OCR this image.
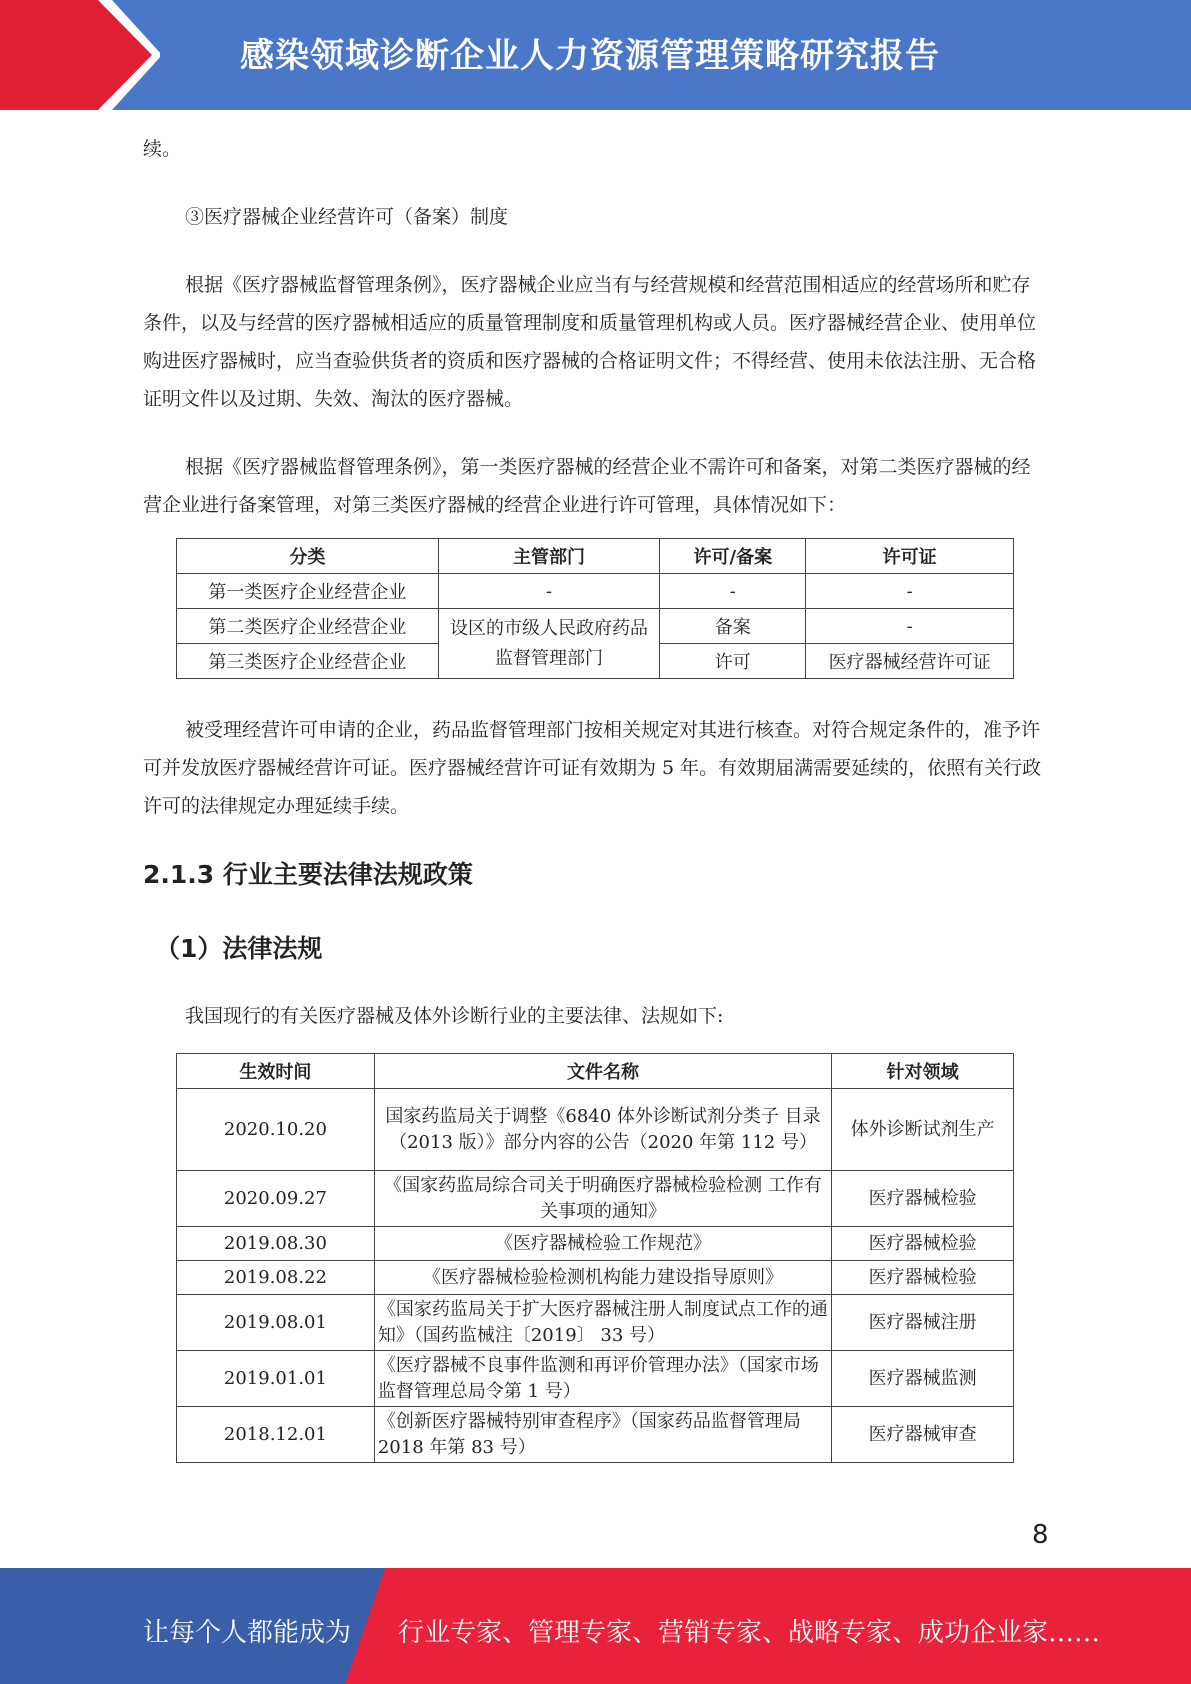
感染领域诊断企业人力资源管理策略研究报告

续。

③医疗器械企业经营许可（备案）制度

根据《医疗器械监督管理条例》，医疗器械企业应当有与经营规模和经营范围相适应的经营场所和贮存条件，以及与经营的医疗器械相适应的质量管理制度和质量管理机构或人员。医疗器械经营企业、使用单位购进医疗器械时，应当查验供货者的资质和医疗器械的合格证明文件；不得经营、使用未依法注册、无合格证明文件以及过期、失效、淘汰的医疗器械。

根据《医疗器械监督管理条例》，第一类医疗器械的经营企业不需许可和备案，对第二类医疗器械的经营企业进行备案管理，对第三类医疗器械的经营企业进行许可管理，具体情况如下：

分类	主管部门	许可/备案	许可证
第一类医疗企业经营企业	-	-	-
第二类医疗企业经营企业	设区的市级人民政府药品监督管理部门	备案	-
第三类医疗企业经营企业		许可	医疗器械经营许可证

被受理经营许可申请的企业，药品监督管理部门按相关规定对其进行核查。对符合规定条件的，准予许可并发放医疗器械经营许可证。医疗器械经营许可证有效期为 5 年。有效期届满需要延续的，依照有关行政许可的法律规定办理延续手续。

2.1.3 行业主要法律法规政策

（1）法律法规

我国现行的有关医疗器械及体外诊断行业的主要法律、法规如下:

生效时间	文件名称	针对领域
2020.10.20	国家药监局关于调整《6840 体外诊断试剂分类子 目录（2013 版）》部分内容的公告（2020 年第 112 号）	体外诊断试剂生产
2020.09.27	《国家药监局综合司关于明确医疗器械检验检测 工作有关事项的通知》	医疗器械检验
2019.08.30	《医疗器械检验工作规范》	医疗器械检验
2019.08.22	《医疗器械检验检测机构能力建设指导原则》	医疗器械检验
2019.08.01	《国家药监局关于扩大医疗器械注册人制度试点工作的通知》（国药监械注〔2019〕 33 号）	医疗器械注册
2019.01.01	《医疗器械不良事件监测和再评价管理办法》（国家市场监督管理总局令第 1 号）	医疗器械监测
2018.12.01	《创新医疗器械特别审查程序》（国家药品监督管理局 2018 年第 83 号）	医疗器械审查
8
让每个人都能成为 行业专家、管理专家、营销专家、战略专家、成功企业家……
